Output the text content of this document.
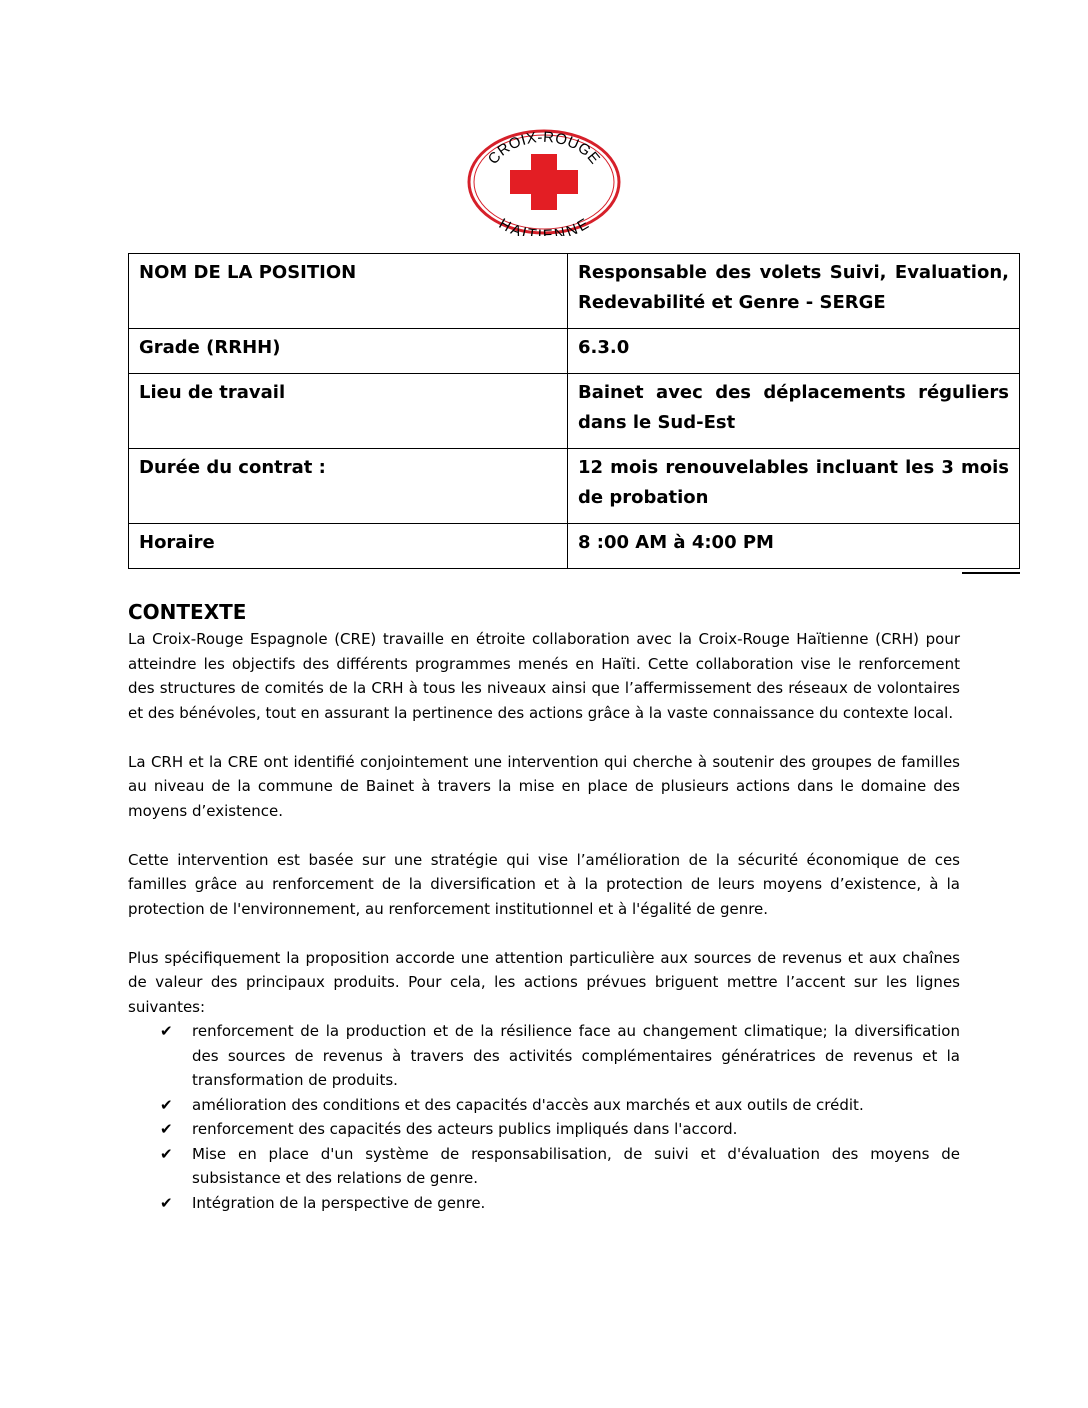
CROIX-ROUGE
HAITIENNE
NOM DE LA POSITION	Responsable des volets Suivi, Evaluation, Redevabilité et Genre - SERGE
Grade (RRHH)	6.3.0
Lieu de travail	Bainet avec des déplacements réguliers dans le Sud-Est
Durée du contrat :	12 mois renouvelables incluant les 3 mois de probation
Horaire	8 :00 AM à 4:00 PM
CONTEXTE

La Croix-Rouge Espagnole (CRE) travaille en étroite collaboration avec la Croix-Rouge Haïtienne (CRH) pour atteindre les objectifs des différents programmes menés en Haïti. Cette collaboration vise le renforcement des structures de comités de la CRH à tous les niveaux ainsi que l’affermissement des réseaux de volontaires et des bénévoles, tout en assurant la pertinence des actions grâce à la vaste connaissance du contexte local.

La CRH et la CRE ont identifié conjointement une intervention qui cherche à soutenir des groupes de familles au niveau de la commune de Bainet à travers la mise en place de plusieurs actions dans le domaine des moyens d’existence.

Cette intervention est basée sur une stratégie qui vise l’amélioration de la sécurité économique de ces familles grâce au renforcement de la diversification et à la protection de leurs moyens d’existence, à la protection de l'environnement, au renforcement institutionnel et à l'égalité de genre.

Plus spécifiquement la proposition accorde une attention particulière aux sources de revenus et aux chaînes de valeur des principaux produits. Pour cela, les actions prévues briguent mettre l’accent sur les lignes suivantes:

✔ renforcement de la production et de la résilience face au changement climatique; la diversification des sources de revenus à travers des activités complémentaires génératrices de revenus et la transformation de produits.
✔ amélioration des conditions et des capacités d'accès aux marchés et aux outils de crédit.
✔ renforcement des capacités des acteurs publics impliqués dans l'accord.
✔ Mise en place d'un système de responsabilisation, de suivi et d'évaluation des moyens de subsistance et des relations de genre.
✔ Intégration de la perspective de genre.
